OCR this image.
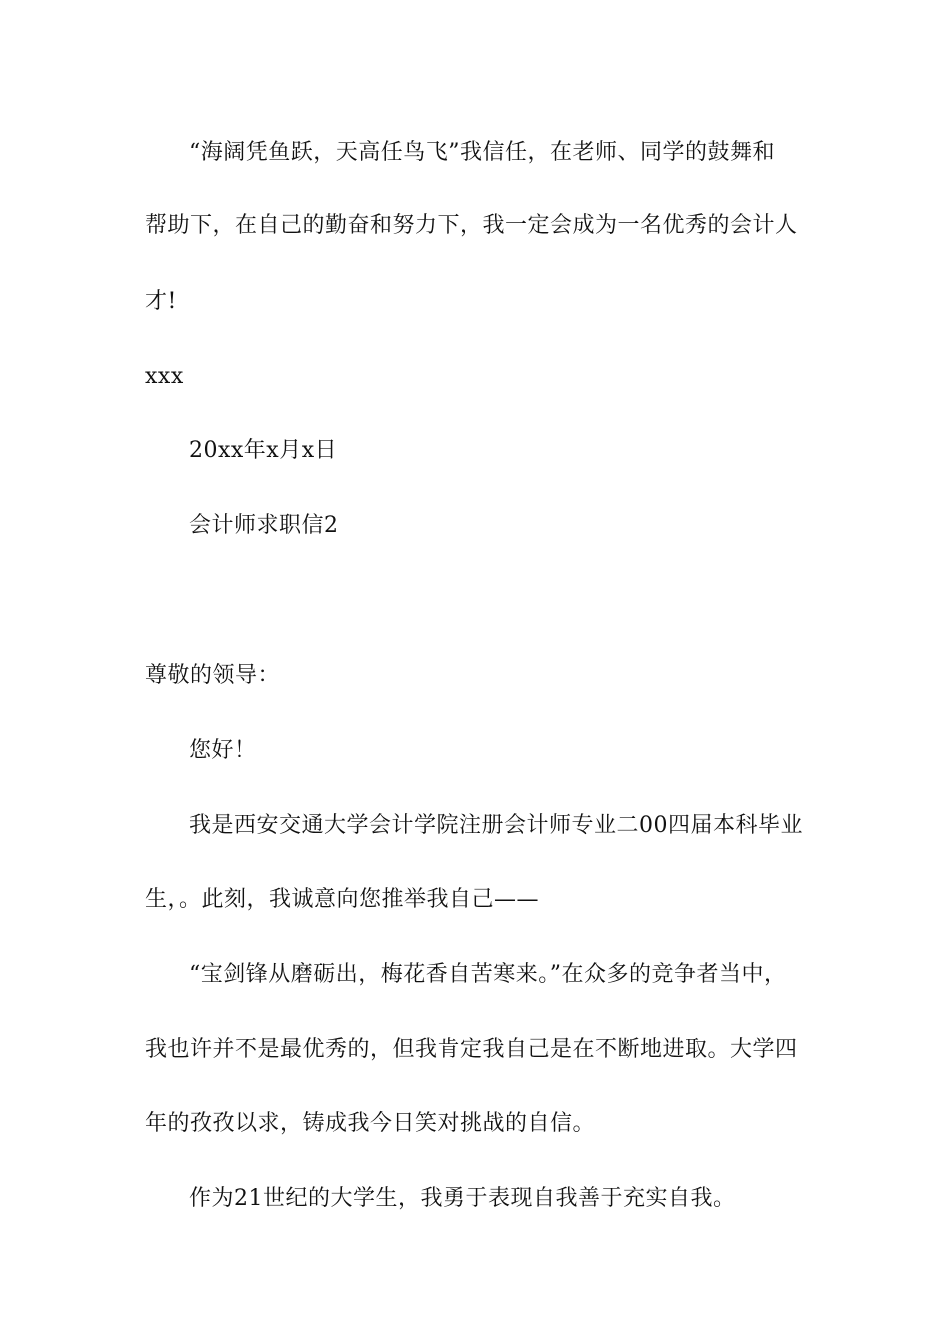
“海阔凭鱼跃，天高任鸟飞”我信任，在老师、同学的鼓舞和
帮助下，在自己的勤奋和努力下，我一定会成为一名优秀的会计人
才!
xxx
20xx年x月x日
会计师求职信2
尊敬的领导：
您好！
我是西安交通大学会计学院注册会计师专业二00四届本科毕业
生，。此刻，我诚意向您推举我自己——
“宝剑锋从磨砺出，梅花香自苦寒来。”在众多的竞争者当中，
我也许并不是最优秀的，但我肯定我自己是在不断地进取。大学四
年的孜孜以求，铸成我今日笑对挑战的自信。
作为21世纪的大学生，我勇于表现自我善于充实自我。
